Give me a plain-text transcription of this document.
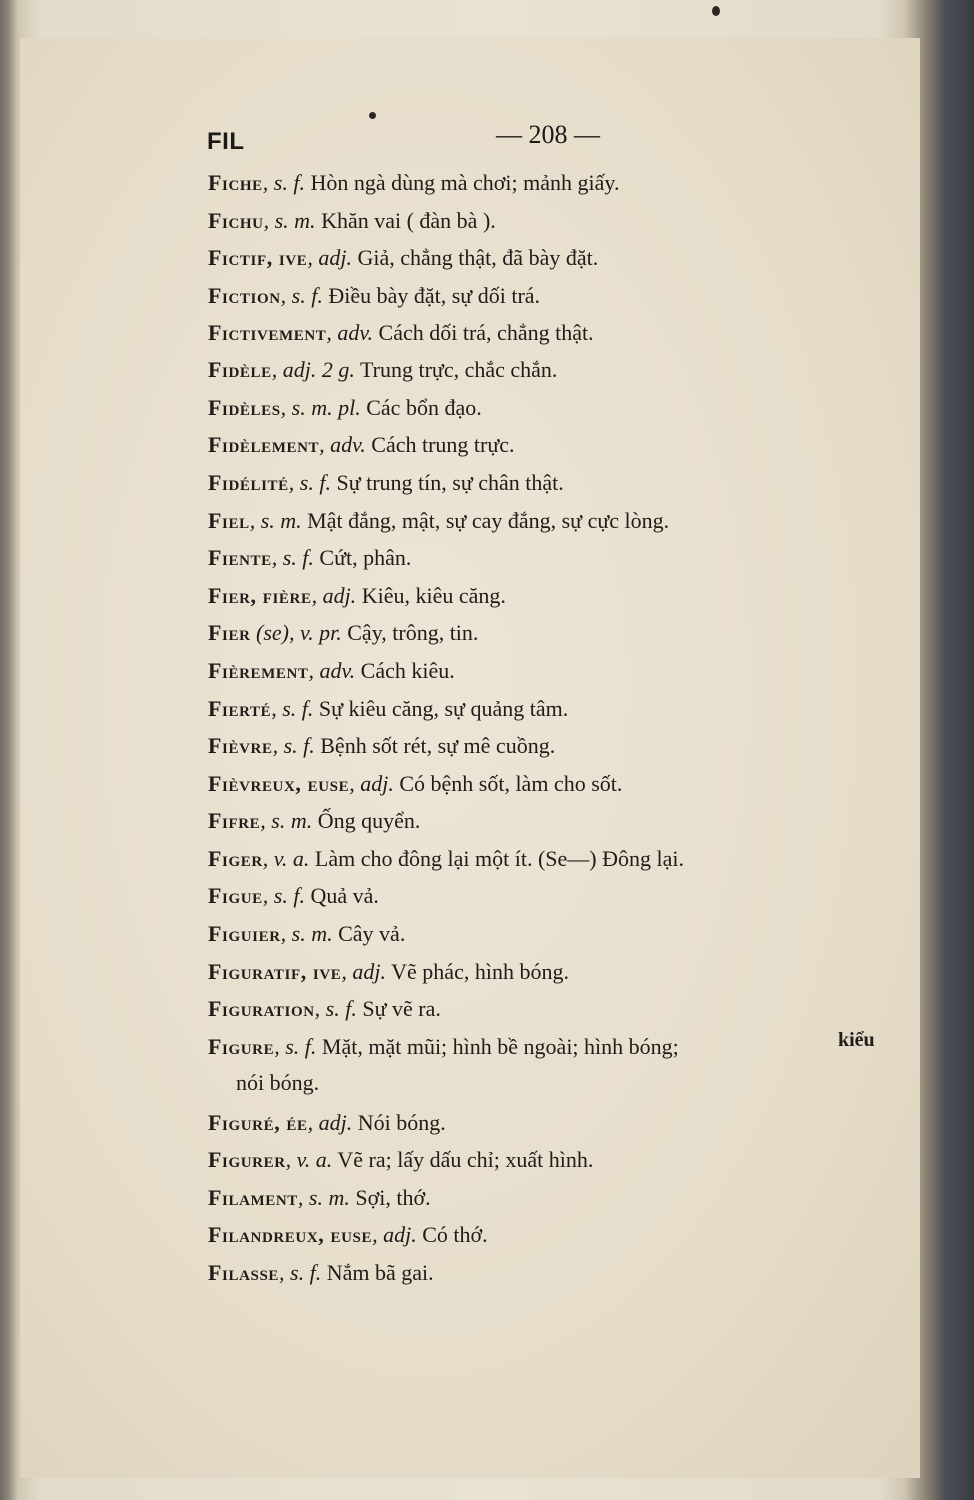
FIL	— 208 —
Fiche, s. f. Hòn ngà dùng mà chơi; mảnh giấy.
Fichu, s. m. Khăn vai ( đàn bà ).
Fictif, ive, adj. Giả, chẳng thật, đã bày đặt.
Fiction, s. f. Điều bày đặt, sự dối trá.
Fictivement, adv. Cách dối trá, chẳng thật.
Fidèle, adj. 2 g. Trung trực, chắc chắn.
Fidèles, s. m. pl. Các bổn đạo.
Fidèlement, adv. Cách trung trực.
Fidélité, s. f. Sự trung tín, sự chân thật.
Fiel, s. m. Mật đắng, mật, sự cay đắng, sự cực lòng.
Fiente, s. f. Cứt, phân.
Fier, fière, adj. Kiêu, kiêu căng.
Fier (se), v. pr. Cậy, trông, tin.
Fièrement, adv. Cách kiêu.
Fierté, s. f. Sự kiêu căng, sự quảng tâm.
Fièvre, s. f. Bệnh sốt rét, sự mê cuồng.
Fièvreux, euse, adj. Có bệnh sốt, làm cho sốt.
Fifre, s. m. Ống quyển.
Figer, v. a. Làm cho đông lại một ít. (Se—) Đông lại.
Figue, s. f. Quả vả.
Figuier, s. m. Cây vả.
Figuratif, ive, adj. Vẽ phác, hình bóng.
Figuration, s. f. Sự vẽ ra.
Figure, s. f. Mặt, mặt mũi; hình bề ngoài; hình bóng;	kiểu
nói bóng.
Figuré, ée, adj. Nói bóng.
Figurer, v. a. Vẽ ra; lấy dấu chỉ; xuất hình.
Filament, s. m. Sợi, thớ.
Filandreux, euse, adj. Có thớ.
Filasse, s. f. Nắm bã gai.
